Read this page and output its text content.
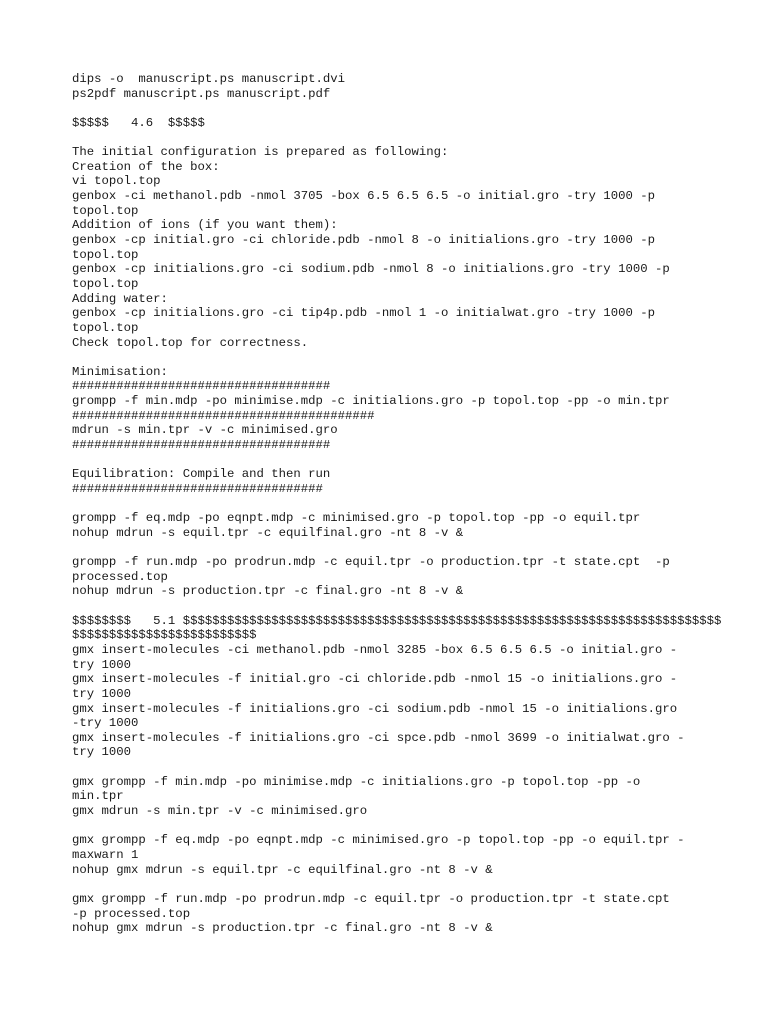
dips -o  manuscript.ps manuscript.dvi
ps2pdf manuscript.ps manuscript.pdf
$$$$$   4.6  $$$$$
The initial configuration is prepared as following:
Creation of the box:
vi topol.top
genbox -ci methanol.pdb -nmol 3705 -box 6.5 6.5 6.5 -o initial.gro -try 1000 -p
topol.top
Addition of ions (if you want them):
genbox -cp initial.gro -ci chloride.pdb -nmol 8 -o initialions.gro -try 1000 -p
topol.top
genbox -cp initialions.gro -ci sodium.pdb -nmol 8 -o initialions.gro -try 1000 -p
topol.top
Adding water:
genbox -cp initialions.gro -ci tip4p.pdb -nmol 1 -o initialwat.gro -try 1000 -p
topol.top
Check topol.top for correctness.
Minimisation:
###################################
grompp -f min.mdp -po minimise.mdp -c initialions.gro -p topol.top -pp -o min.tpr
#########################################
mdrun -s min.tpr -v -c minimised.gro
###################################
Equilibration: Compile and then run
##################################
grompp -f eq.mdp -po eqnpt.mdp -c minimised.gro -p topol.top -pp -o equil.tpr
nohup mdrun -s equil.tpr -c equilfinal.gro -nt 8 -v &
grompp -f run.mdp -po prodrun.mdp -c equil.tpr -o production.tpr -t state.cpt  -p
processed.top
nohup mdrun -s production.tpr -c final.gro -nt 8 -v &
$$$$$$$$   5.1 $$$$$$$$$$$$$$$$$$$$$$$$$$$$$$$$$$$$$$$$$$$$$$$$$$$$$$$$$$$$$$$$$$$$$$$$$
$$$$$$$$$$$$$$$$$$$$$$$$$
gmx insert-molecules -ci methanol.pdb -nmol 3285 -box 6.5 6.5 6.5 -o initial.gro -
try 1000
gmx insert-molecules -f initial.gro -ci chloride.pdb -nmol 15 -o initialions.gro -
try 1000
gmx insert-molecules -f initialions.gro -ci sodium.pdb -nmol 15 -o initialions.gro
-try 1000
gmx insert-molecules -f initialions.gro -ci spce.pdb -nmol 3699 -o initialwat.gro -
try 1000
gmx grompp -f min.mdp -po minimise.mdp -c initialions.gro -p topol.top -pp -o
min.tpr
gmx mdrun -s min.tpr -v -c minimised.gro
gmx grompp -f eq.mdp -po eqnpt.mdp -c minimised.gro -p topol.top -pp -o equil.tpr -
maxwarn 1
nohup gmx mdrun -s equil.tpr -c equilfinal.gro -nt 8 -v &
gmx grompp -f run.mdp -po prodrun.mdp -c equil.tpr -o production.tpr -t state.cpt
-p processed.top
nohup gmx mdrun -s production.tpr -c final.gro -nt 8 -v &
